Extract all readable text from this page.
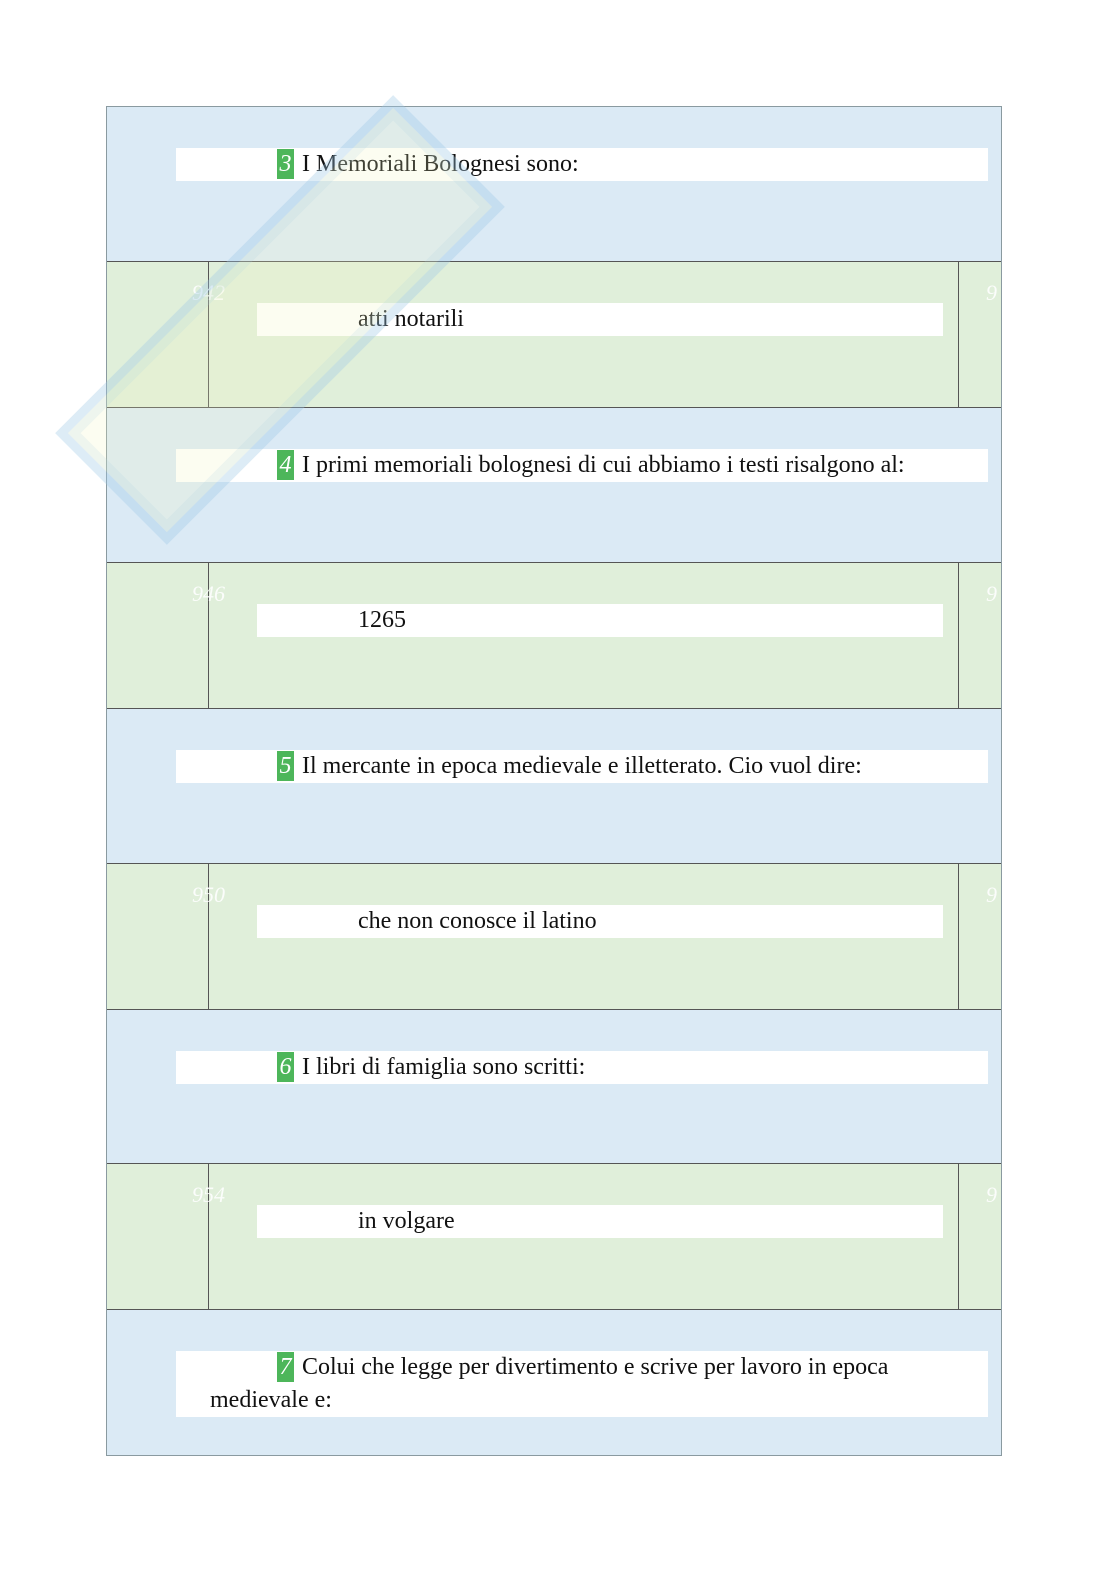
3 I Memoriali Bolognesi sono:
942	9
atti notarili
4 I primi memoriali bolognesi di cui abbiamo i testi risalgono al:
946	9
1265
5 Il mercante in epoca medievale e illetterato. Cio vuol dire:
950	9
che non conosce il latino
6 I libri di famiglia sono scritti:
954	9
in volgare
7 Colui che legge per divertimento e scrive per lavoro in epoca
medievale e:
